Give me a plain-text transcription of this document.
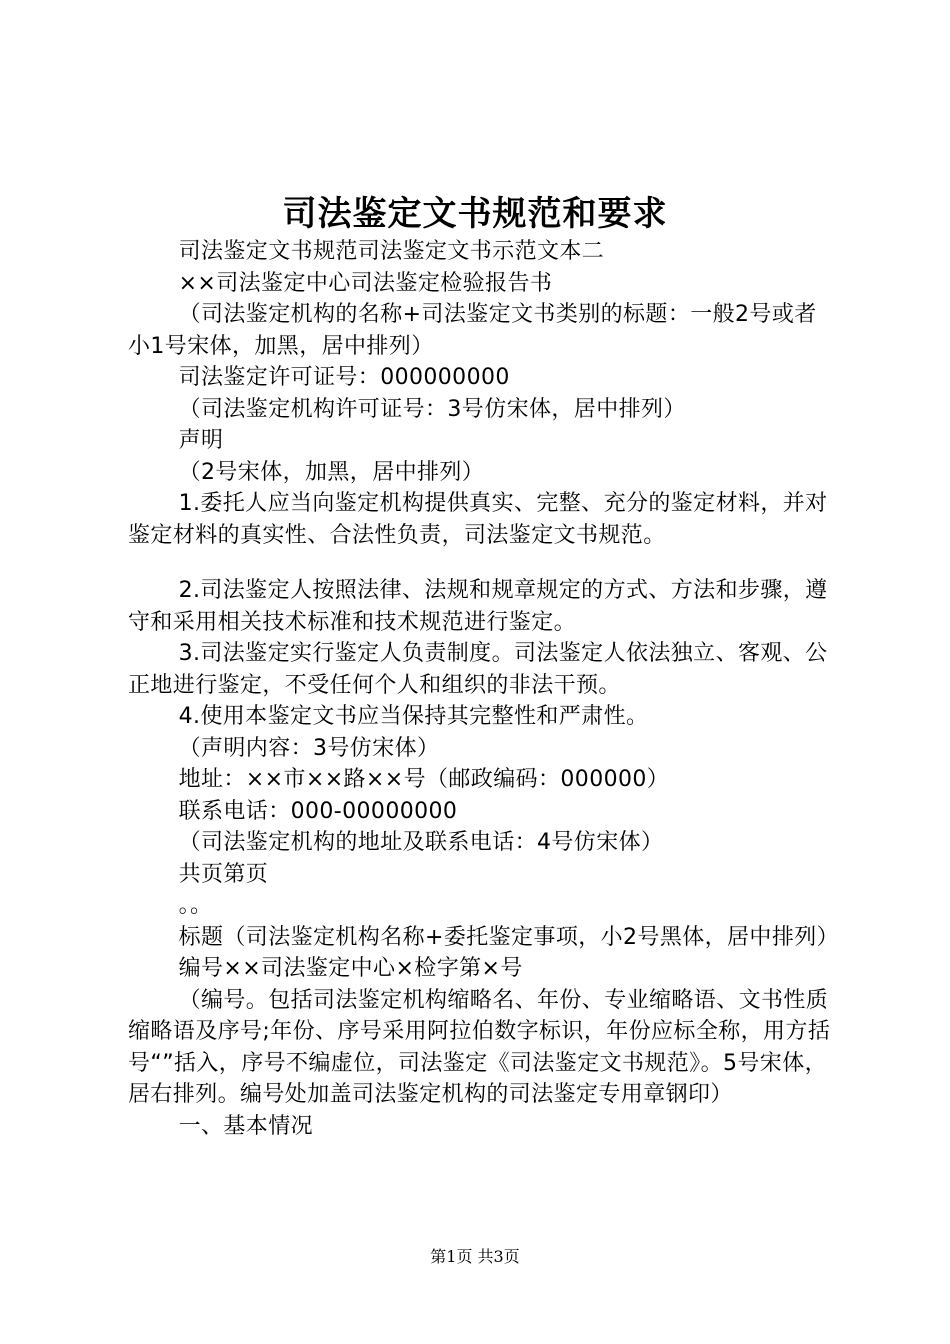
司法鉴定文书规范和要求

司法鉴定文书规范司法鉴定文书示范文本二

××司法鉴定中心司法鉴定检验报告书

（司法鉴定机构的名称+司法鉴定文书类别的标题：一般2号或者小1号宋体，加黑，居中排列）

司法鉴定许可证号：000000000

（司法鉴定机构许可证号：3号仿宋体，居中排列）

声明

（2号宋体，加黑，居中排列）

1.委托人应当向鉴定机构提供真实、完整、充分的鉴定材料，并对鉴定材料的真实性、合法性负责，司法鉴定文书规范。

2.司法鉴定人按照法律、法规和规章规定的方式、方法和步骤，遵守和采用相关技术标准和技术规范进行鉴定。

3.司法鉴定实行鉴定人负责制度。司法鉴定人依法独立、客观、公正地进行鉴定，不受任何个人和组织的非法干预。

4.使用本鉴定文书应当保持其完整性和严肃性。

（声明内容：3号仿宋体）

地址：××市××路××号（邮政编码：000000）

联系电话：000-00000000

（司法鉴定机构的地址及联系电话：4号仿宋体）

共页第页

。。

标题（司法鉴定机构名称+委托鉴定事项，小2号黑体，居中排列）

编号××司法鉴定中心×检字第×号

（编号。包括司法鉴定机构缩略名、年份、专业缩略语、文书性质缩略语及序号;年份、序号采用阿拉伯数字标识，年份应标全称，用方括号“”括入，序号不编虚位，司法鉴定《司法鉴定文书规范》。5号宋体，居右排列。编号处加盖司法鉴定机构的司法鉴定专用章钢印）

一、基本情况

第1页 共3页
